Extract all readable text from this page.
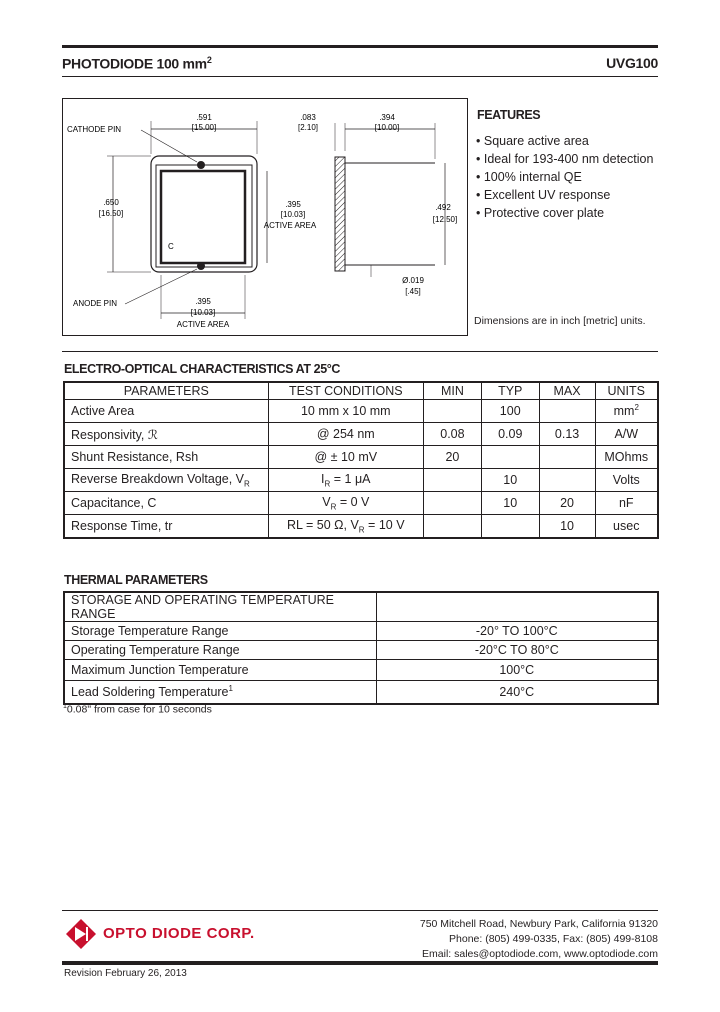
PHOTODIODE 100 $mm^2$	UVG100
C
.591
[15.00]
CATHODE PIN
.650
[16.50]
.395
[10.03]
ACTIVE AREA
ANODE PIN	.395
[10.03]
ACTIVE AREA
.083
[2.10]
.394
[10.00]
.492
[12.50]
Ø.019
[.45]
FEATURES
• Square active area
• Ideal for 193-400 nm detection
• 100% internal QE
• Excellent UV response
• Protective cover plate
Dimensions are in inch [metric] units.
ELECTRO-OPTICAL CHARACTERISTICS AT 25°C
PARAMETERS	TEST CONDITIONS	MIN	TYP	MAX	UNITS
Active Area	10 mm x 10 mm		100		$mm^2$
Responsivity, ℛ	@ 254 nm	0.08	0.09	0.13	A/W
Shunt Resistance, Rsh	@ ± 10 mV	20			MOhms
Reverse Breakdown Voltage, $V_R$	$I_R = 1$ μA		10		Volts
Capacitance, C	$V_R = 0$ V		10	20	nF
Response Time, tr	RL = 50 Ω, $V_R = 10$ V			10	usec
THERMAL PARAMETERS
STORAGE AND OPERATING TEMPERATURE RANGE	
Storage Temperature Range	-20° TO 100°C
Operating Temperature Range	-20°C TO 80°C
Maximum Junction Temperature	100°C
Lead Soldering Temperature$^1$	240°C
$^1$0.08" from case for 10 seconds
OPTO DIODE CORP.
750 Mitchell Road, Newbury Park, California 91320
Phone: (805) 499-0335, Fax: (805) 499-8108
Email: sales@optodiode.com, www.optodiode.com
Revision February 26, 2013
